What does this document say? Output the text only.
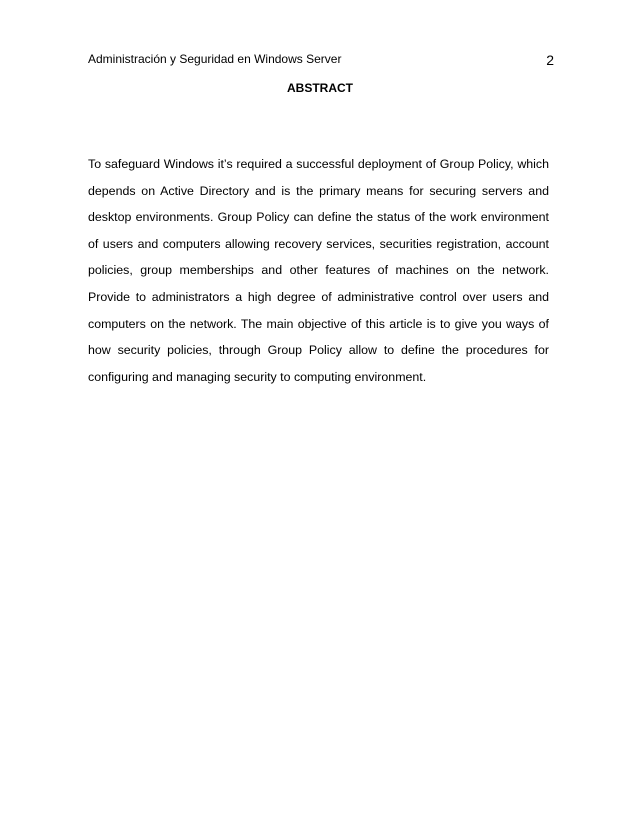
Administración y Seguridad en Windows Server	2
ABSTRACT

To safeguard Windows it’s required a successful deployment of Group Policy, which depends on Active Directory and is the primary means for securing servers and desktop environments. Group Policy can define the status of the work environment of users and computers allowing recovery services, securities registration, account policies, group memberships and other features of machines on the network. Provide to administrators a high degree of administrative control over users and computers on the network. The main objective of this article is to give you ways of how security policies, through Group Policy allow to define the procedures for configuring and managing security to computing environment.
